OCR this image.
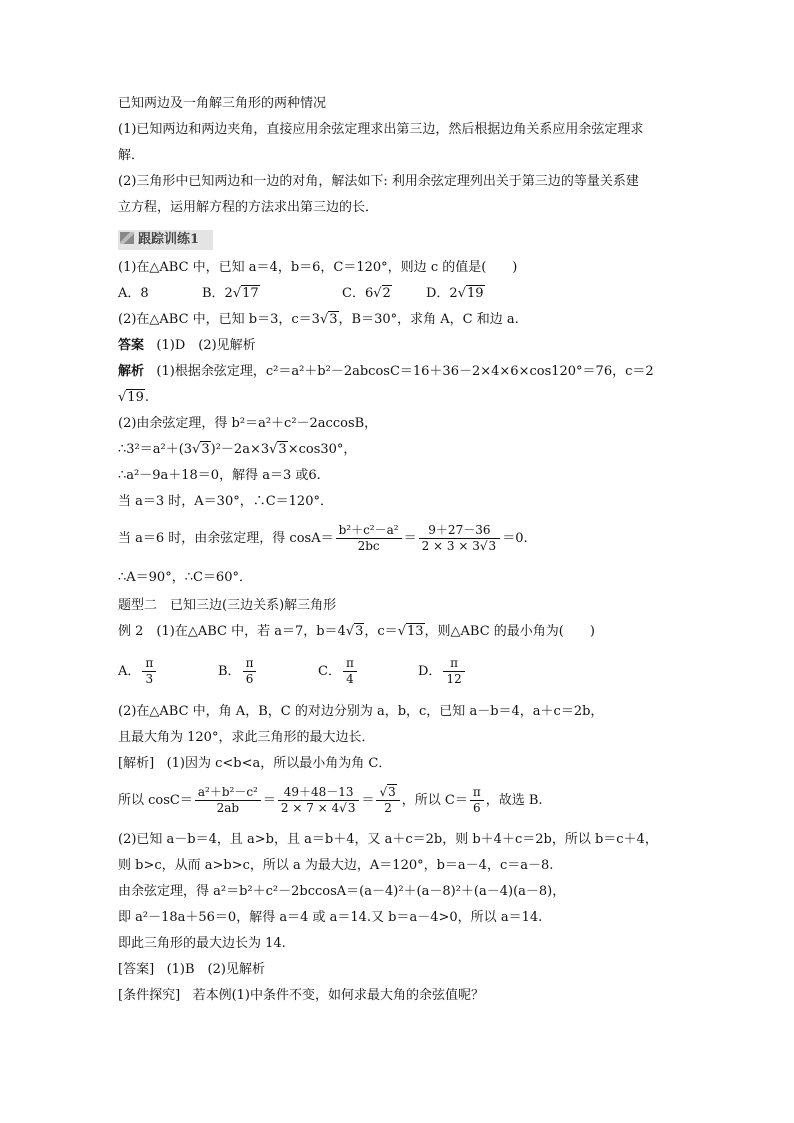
已知两边及一角解三角形的两种情况
(1)已知两边和两边夹角，直接应用余弦定理求出第三边，然后根据边角关系应用余弦定理求
解．
(2)三角形中已知两边和一边的对角，解法如下: 利用余弦定理列出关于第三边的等量关系建
立方程，运用解方程的方法求出第三边的长．
跟踪训练1
(1)在△ABC 中，已知 a＝4，b＝6，C＝120°，则边 c 的值是(　　)
A．8	B．2√17	C．6√2	D．2√19
(2)在△ABC 中，已知 b＝3，c＝3√3，B＝30°，求角 A，C 和边 a.
答案 (1)D　(2)见解析
解析 (1)根据余弦定理，c²＝a²＋b²－2abcosC＝16＋36－2×4×6×cos120°＝76，c＝2
√19.
(2)由余弦定理，得 b²＝a²＋c²－2accosB，
∴3²＝a²＋(3√3)²－2a×3√3×cos30°，
∴a²－9a＋18＝0，解得 a＝3 或6.
当 a＝3 时，A＝30°，∴C＝120°．
当 a＝6 时，由余弦定理，得 $\cos A= \frac{\text{b²＋c²－a²}}{2bc} = \frac{9+27-36}{2 \times 3 \times 3√3} =0$.
∴A＝90°，∴C＝60°．
题型二　已知三边(三边关系)解三角形
例 2　(1)在△ABC 中，若 a＝7，b＝4√3，c＝√13，则△ABC 的最小角为(　　)
A． $\frac{\pi}{3}$	B． $\frac{\pi}{6}$	C． $\frac{\pi}{4}$	D． $\frac{\pi}{12}$
(2)在△ABC 中，角 A，B，C 的对边分别为 a，b，c，已知 a－b＝4，a＋c＝2b，
且最大角为 120°，求此三角形的最大边长．
[解析] (1)因为 c<b<a，所以最小角为角 C．
所以 $\cos C= \frac{\text{a²＋b²－c²}}{2ab} = \frac{49+48-13}{2 \times 7 \times 4√3} = \frac{√3}{2}$ ，所以 $C= \frac{\pi}{6}$ ，故选 B.
(2)已知 a－b＝4，且 a>b，且 a＝b＋4，又 a＋c＝2b，则 b＋4＋c＝2b，所以 b＝c＋4，
则 b>c，从而 a>b>c，所以 a 为最大边，A＝120°，b＝a－4，c＝a－8.
由余弦定理，得 a²＝b²＋c²－2bccosA＝(a－4)²＋(a－8)²＋(a－4)(a－8)，
即 a²－18a＋56＝0，解得 a＝4 或 a＝14.又 b＝a－4>0，所以 a＝14.
即此三角形的最大边长为 14.
[答案] (1)B　(2)见解析
[条件探究] 若本例(1)中条件不变，如何求最大角的余弦值呢？
